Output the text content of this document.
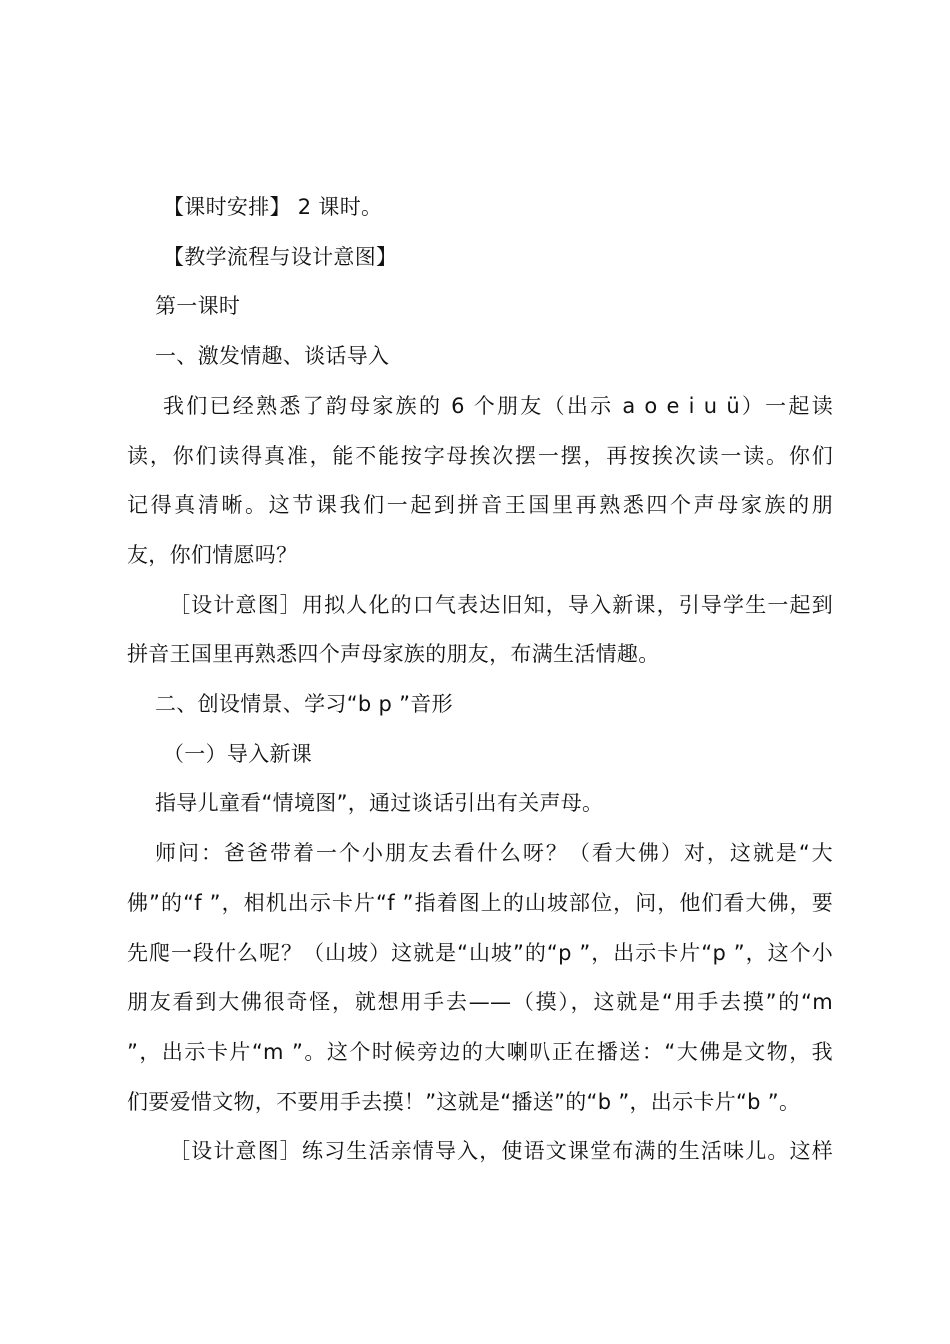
【课时安排】 2 课时。
【教学流程与设计意图】
第一课时
一、激发情趣、谈话导入
我们已经熟悉了韵母家族的 6 个朋友（出示 a o e i u ü）一起读
读，你们读得真准，能不能按字母挨次摆一摆，再按挨次读一读。你们
记得真清晰。这节课我们一起到拼音王国里再熟悉四个声母家族的朋
友，你们情愿吗？
［设计意图］用拟人化的口气表达旧知，导入新课，引导学生一起到
拼音王国里再熟悉四个声母家族的朋友，布满生活情趣。
二、创设情景、学习“b p ”音形
（一）导入新课
指导儿童看“情境图”，通过谈话引出有关声母。
师问：爸爸带着一个小朋友去看什么呀？（看大佛）对，这就是“大
佛”的“f ”，相机出示卡片“f ”指着图上的山坡部位，问，他们看大佛，要
先爬一段什么呢？（山坡）这就是“山坡”的“p ”，出示卡片“p ”，这个小
朋友看到大佛很奇怪，就想用手去——（摸），这就是“用手去摸”的“m
”，出示卡片“m ”。这个时候旁边的大喇叭正在播送：“大佛是文物，我
们要爱惜文物，不要用手去摸！”这就是“播送”的“b ”，出示卡片“b ”。
［设计意图］练习生活亲情导入，使语文课堂布满的生活味儿。这样
